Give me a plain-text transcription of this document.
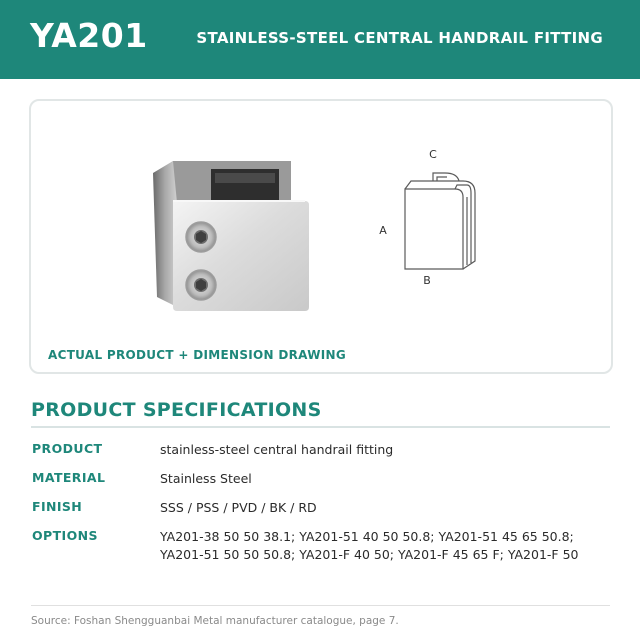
YA201	STAINLESS-STEEL CENTRAL HANDRAIL FITTING
C
A
B
ACTUAL PRODUCT + DIMENSION DRAWING
PRODUCT SPECIFICATIONS
PRODUCT	stainless-steel central handrail fitting
MATERIAL	Stainless Steel
FINISH	SSS / PSS / PVD / BK / RD
OPTIONS	YA201-38 50 50 38.1; YA201-51 40 50 50.8; YA201-51 45 65 50.8;
YA201-51 50 50 50.8; YA201-F 40 50; YA201-F 45 65 F; YA201-F 50
Source: Foshan Shengguanbai Metal manufacturer catalogue, page 7.
